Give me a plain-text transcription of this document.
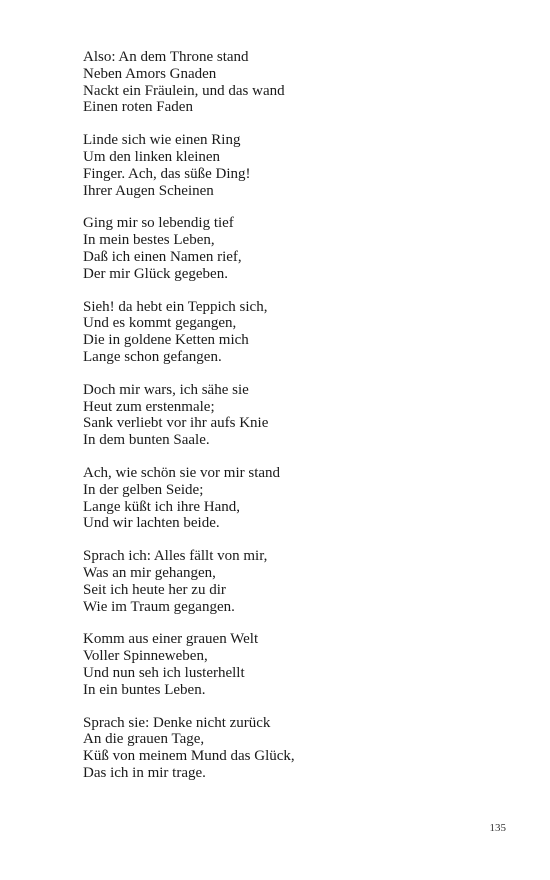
Also: An dem Throne stand
Neben Amors Gnaden
Nackt ein Fräulein, und das wand
Einen roten Faden
Linde sich wie einen Ring
Um den linken kleinen
Finger. Ach, das süße Ding!
Ihrer Augen Scheinen
Ging mir so lebendig tief
In mein bestes Leben,
Daß ich einen Namen rief,
Der mir Glück gegeben.
Sieh! da hebt ein Teppich sich,
Und es kommt gegangen,
Die in goldene Ketten mich
Lange schon gefangen.
Doch mir wars, ich sähe sie
Heut zum erstenmale;
Sank verliebt vor ihr aufs Knie
In dem bunten Saale.
Ach, wie schön sie vor mir stand
In der gelben Seide;
Lange küßt ich ihre Hand,
Und wir lachten beide.
Sprach ich: Alles fällt von mir,
Was an mir gehangen,
Seit ich heute her zu dir
Wie im Traum gegangen.
Komm aus einer grauen Welt
Voller Spinneweben,
Und nun seh ich lusterhellt
In ein buntes Leben.
Sprach sie: Denke nicht zurück
An die grauen Tage,
Küß von meinem Mund das Glück,
Das ich in mir trage.
135
